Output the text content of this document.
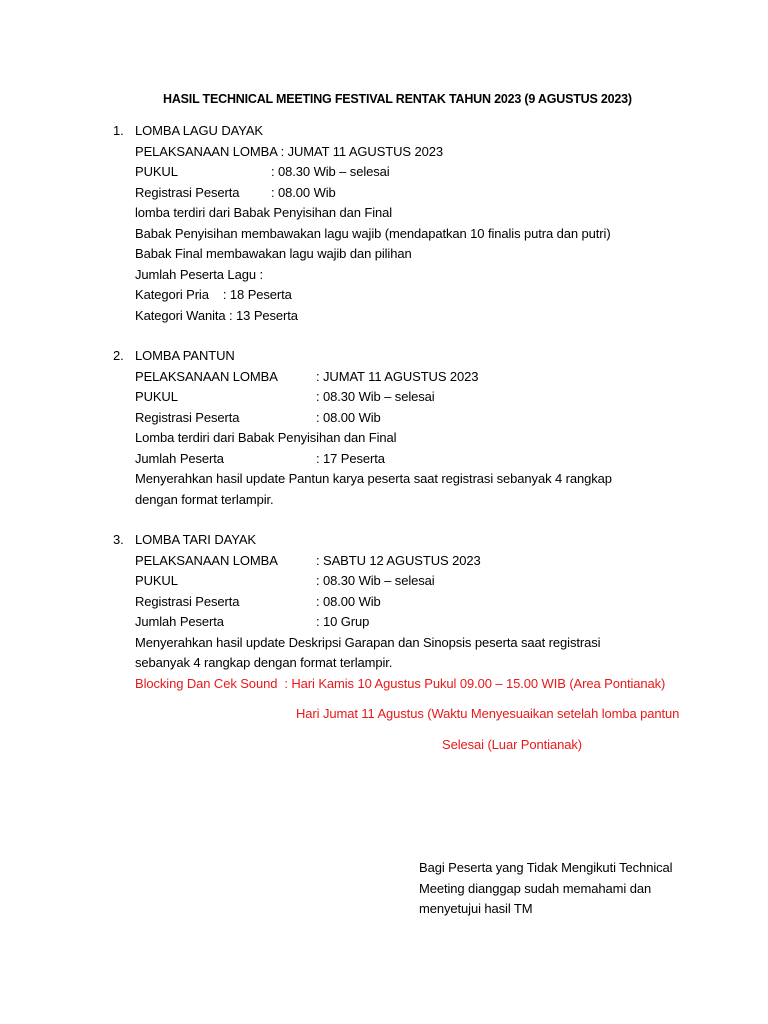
HASIL TECHNICAL MEETING FESTIVAL RENTAK TAHUN 2023 (9 AGUSTUS 2023)
1. LOMBA LAGU DAYAK
PELAKSANAAN LOMBA : JUMAT 11 AGUSTUS 2023
PUKUL	: 08.30 Wib – selesai
Registrasi Peserta : 08.00 Wib
lomba terdiri dari Babak Penyisihan dan Final
Babak Penyisihan membawakan lagu wajib (mendapatkan 10 finalis putra dan putri)
Babak Final membawakan lagu wajib dan pilihan
Jumlah Peserta Lagu :
Kategori Pria    : 18 Peserta
Kategori Wanita : 13 Peserta
2. LOMBA PANTUN
PELAKSANAAN LOMBA	: JUMAT 11 AGUSTUS 2023
PUKUL	: 08.30 Wib – selesai
Registrasi Peserta	: 08.00 Wib
Lomba terdiri dari Babak Penyisihan dan Final
Jumlah Peserta	: 17 Peserta
Menyerahkan hasil update Pantun karya peserta saat registrasi sebanyak 4 rangkap
dengan format terlampir.
3. LOMBA TARI DAYAK
PELAKSANAAN LOMBA	: SABTU 12 AGUSTUS 2023
PUKUL	: 08.30 Wib – selesai
Registrasi Peserta	: 08.00 Wib
Jumlah Peserta	: 10 Grup
Menyerahkan hasil update Deskripsi Garapan dan Sinopsis peserta saat registrasi
sebanyak 4 rangkap dengan format terlampir.
Blocking Dan Cek Sound  : Hari Kamis 10 Agustus Pukul 09.00 – 15.00 WIB (Area Pontianak)
Hari Jumat 11 Agustus (Waktu Menyesuaikan setelah lomba pantun
Selesai (Luar Pontianak)
Bagi Peserta yang Tidak Mengikuti Technical
Meeting dianggap sudah memahami dan
menyetujui hasil TM
